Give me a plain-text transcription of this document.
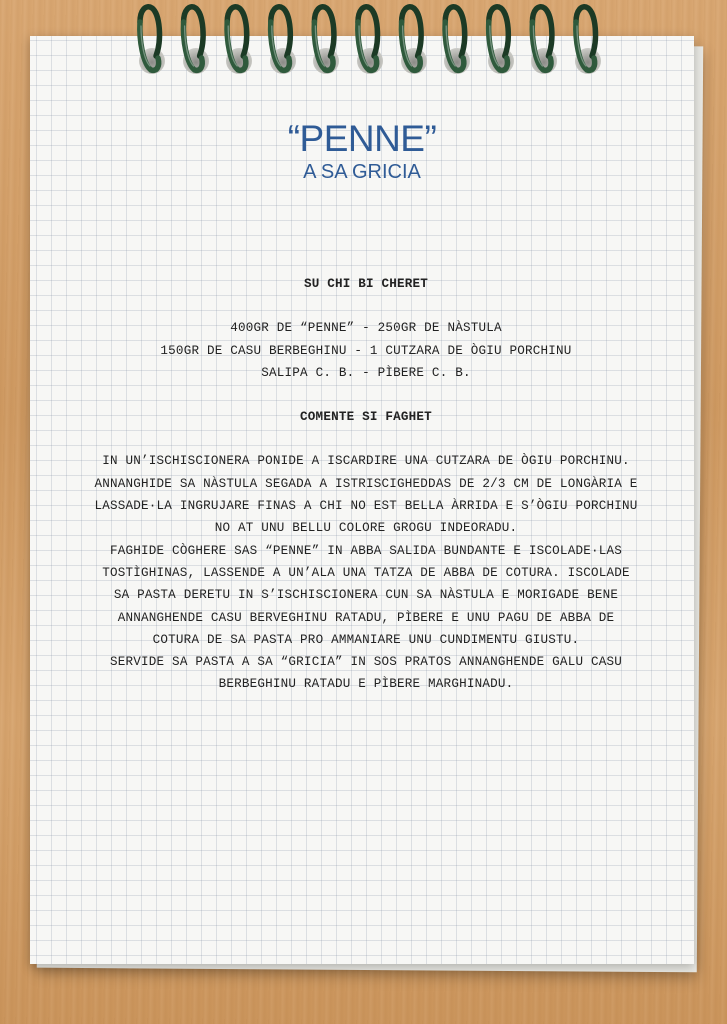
“PENNE”
A SA GRICIA

SU CHI BI CHERET

400GR DE “PENNE” - 250GR DE NÀSTULA

150GR DE CASU BERBEGHINU - 1 CUTZARA DE ÒGIU PORCHINU

SALIPA C. B. - PÌBERE C. B.

COMENTE SI FAGHET

IN UN’ISCHISCIONERA PONIDE A ISCARDIRE UNA CUTZARA DE ÒGIU PORCHINU.

ANNANGHIDE SA NÀSTULA SEGADA A ISTRISCIGHEDDAS DE 2/3 CM DE LONGÀRIA E

LASSADE·LA INGRUJARE FINAS A CHI NO EST BELLA ÀRRIDA E S’ÒGIU PORCHINU

NO AT UNU BELLU COLORE GROGU INDEORADU.

FAGHIDE CÒGHERE SAS “PENNE” IN ABBA SALIDA BUNDANTE E ISCOLADE·LAS

TOSTÌGHINAS, LASSENDE A UN’ALA UNA TATZA DE ABBA DE COTURA. ISCOLADE

SA PASTA DERETU IN S’ISCHISCIONERA CUN SA NÀSTULA E MORIGADE BENE

ANNANGHENDE CASU BERVEGHINU RATADU, PÌBERE E UNU PAGU DE ABBA DE

COTURA DE SA PASTA PRO AMMANIARE UNU CUNDIMENTU GIUSTU.

SERVIDE SA PASTA A SA “GRICIA” IN SOS PRATOS ANNANGHENDE GALU CASU

BERBEGHINU RATADU E PÌBERE MARGHINADU.
